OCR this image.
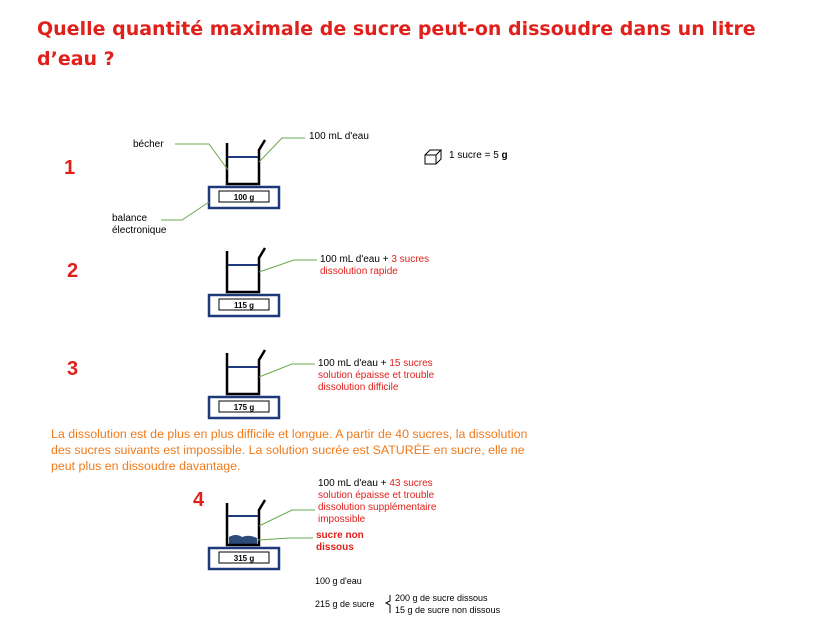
Quelle quantité maximale de sucre peut-on dissoudre dans un litre d’eau ?
100 g
115 g
175 g
315 g
1
2
3
4
bécher
100 mL d'eau
balance
électronique
1 sucre = 5 g
100 mL d'eau + 3 sucres
dissolution rapide
100 mL d'eau + 15 sucres
solution épaisse et trouble
dissolution difficile
La dissolution est de plus en plus difficile et longue. A partir de 40 sucres, la dissolution des sucres suivants est impossible. La solution sucrée est SATURÉE en sucre, elle ne peut plus en dissoudre davantage.
100 mL d'eau + 43 sucres
solution épaisse et trouble
dissolution supplémentaire
impossible
sucre non
dissous
100 g d'eau
215 g de sucre
200 g de sucre dissous
15 g de sucre non dissous
